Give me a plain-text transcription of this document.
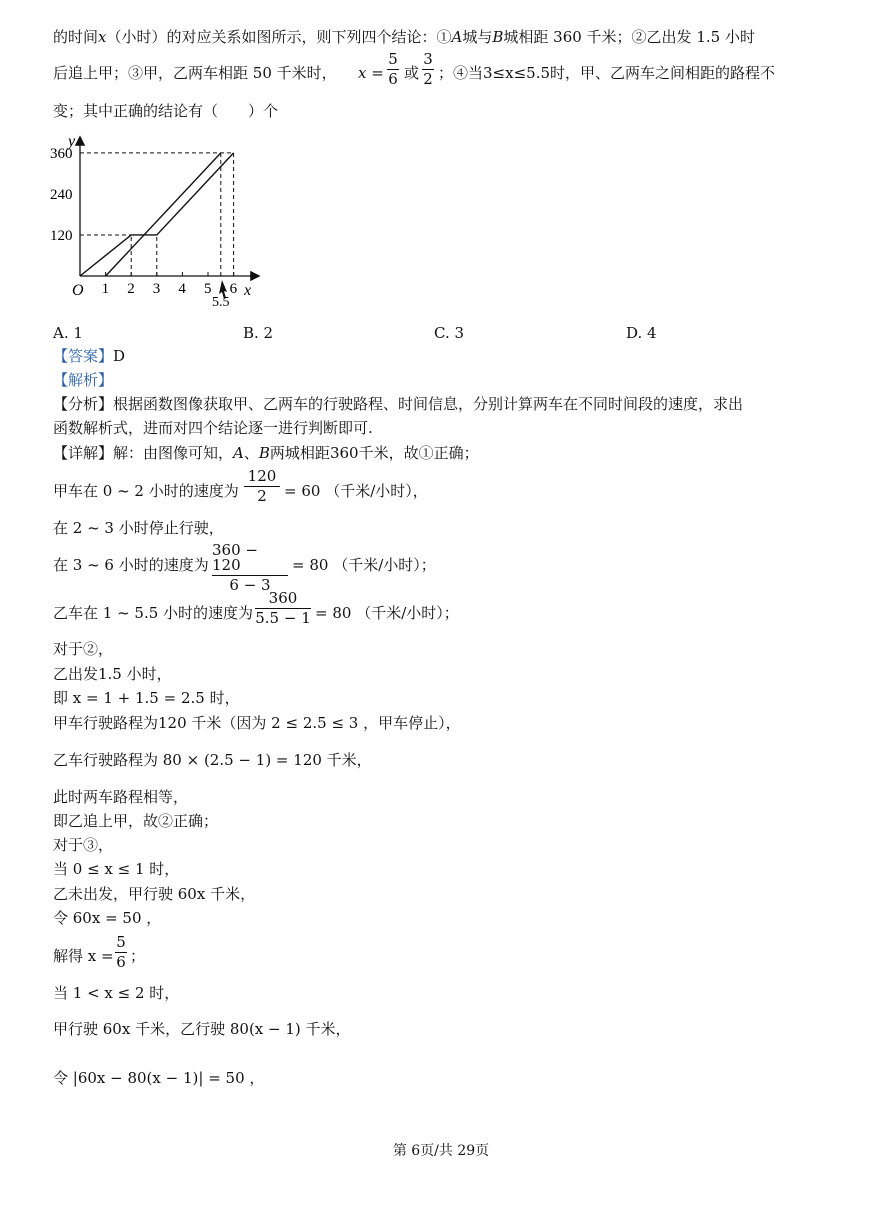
的时间x（小时）的对应关系如图所示，则下列四个结论：①A城与B城相距 360 千米；②乙出发 1.5 小时
后追上甲；③甲，乙两车相距 50 千米时， x =
5
6 或
3
2 ；④当3≤x≤5.5时，甲、乙两车之间相距的路程不
变；其中正确的结论有（　　）个
1 2 3 4 5 6
120
240
360
y
x
O
5.5
A. 1	B. 2	C. 3	D. 4
【答案】D
【解析】
【分析】根据函数图像获取甲、乙两车的行驶路程、时间信息，分别计算两车在不同时间段的速度，求出
函数解析式，进而对四个结论逐一进行判断即可.
【详解】解：由图像可知，A、B两城相距360千米，故①正确；
甲车在 0 ~ 2 小时的速度为
120
2 = 60 （千米/小时），
在 2 ~ 3 小时停止行驶，
在 3 ~ 6 小时的速度为
360 − 120
6 − 3
= 80 （千米/小时）；
乙车在 1 ~ 5.5 小时的速度为
360
5.5 − 1 = 80 （千米/小时）；
对于②，
乙出发1.5 小时，
即 x = 1 + 1.5 = 2.5 时，
甲车行驶路程为120 千米（因为 2 ≤ 2.5 ≤ 3 ，甲车停止），
乙车行驶路程为 80 × (2.5 − 1) = 120 千米，
此时两车路程相等，
即乙追上甲，故②正确；
对于③，
当 0 ≤ x ≤ 1 时，
乙未出发，甲行驶 60x 千米，
令 60x = 50 ，
解得 x =
5
6 ；
当 1 < x ≤ 2 时，
甲行驶 60x 千米，乙行驶 80(x − 1) 千米，
令 |60x − 80(x − 1)| = 50 ，
第 6页/共 29页
